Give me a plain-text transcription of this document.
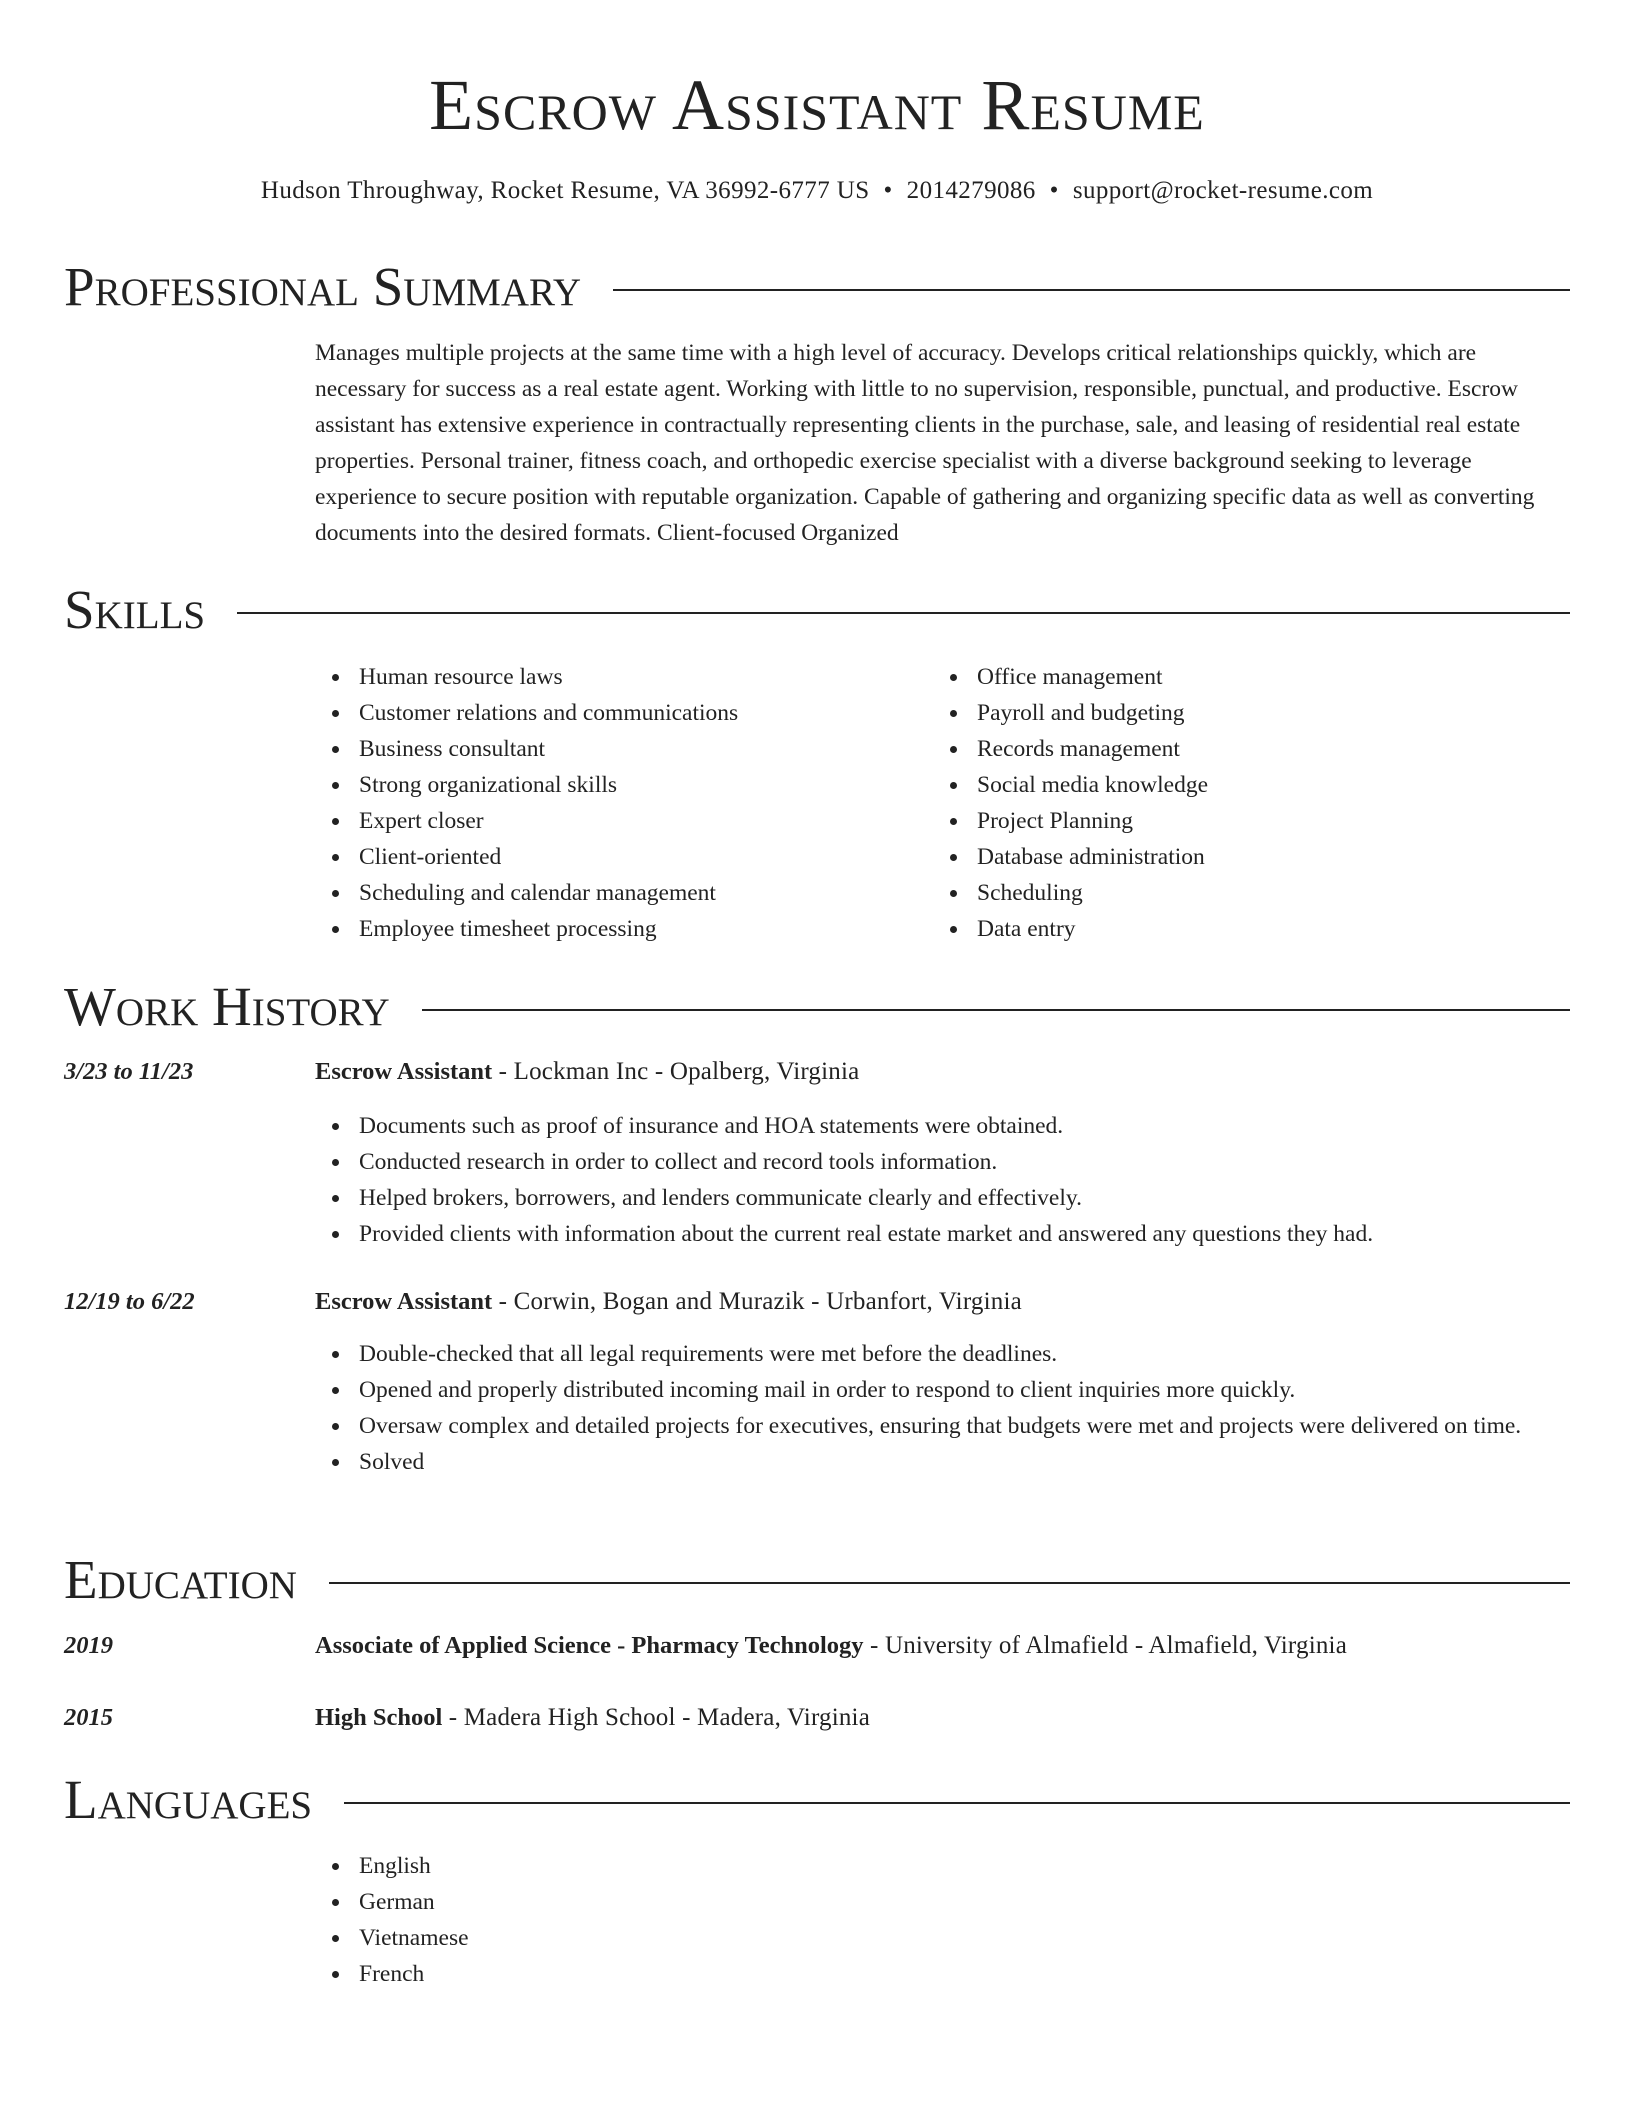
Escrow Assistant Resume
Hudson Throughway, Rocket Resume, VA 36992-6777 US • 2014279086 • support@rocket-resume.com
Professional Summary

Manages multiple projects at the same time with a high level of accuracy. Develops critical relationships quickly, which are necessary for success as a real estate agent. Working with little to no supervision, responsible, punctual, and productive. Escrow assistant has extensive experience in contractually representing clients in the purchase, sale, and leasing of residential real estate properties. Personal trainer, fitness coach, and orthopedic exercise specialist with a diverse background seeking to leverage experience to secure position with reputable organization. Capable of gathering and organizing specific data as well as converting documents into the desired formats. Client-focused Organized

Skills
Human resource laws
Customer relations and communications
Business consultant
Strong organizational skills
Expert closer
Client-oriented
Scheduling and calendar management
Employee timesheet processing
Office management
Payroll and budgeting
Records management
Social media knowledge
Project Planning
Database administration
Scheduling
Data entry
Work History
3/23 to 11/23	Escrow Assistant - Lockman Inc - Opalberg, Virginia
Documents such as proof of insurance and HOA statements were obtained.
Conducted research in order to collect and record tools information.
Helped brokers, borrowers, and lenders communicate clearly and effectively.
Provided clients with information about the current real estate market and answered any questions they had.
12/19 to 6/22	Escrow Assistant - Corwin, Bogan and Murazik - Urbanfort, Virginia
Double-checked that all legal requirements were met before the deadlines.
Opened and properly distributed incoming mail in order to respond to client inquiries more quickly.
Oversaw complex and detailed projects for executives, ensuring that budgets were met and projects were delivered on time.
Solved
Education
2019	Associate of Applied Science - Pharmacy Technology - University of Almafield - Almafield, Virginia
2015	High School - Madera High School - Madera, Virginia
Languages
English
German
Vietnamese
French
